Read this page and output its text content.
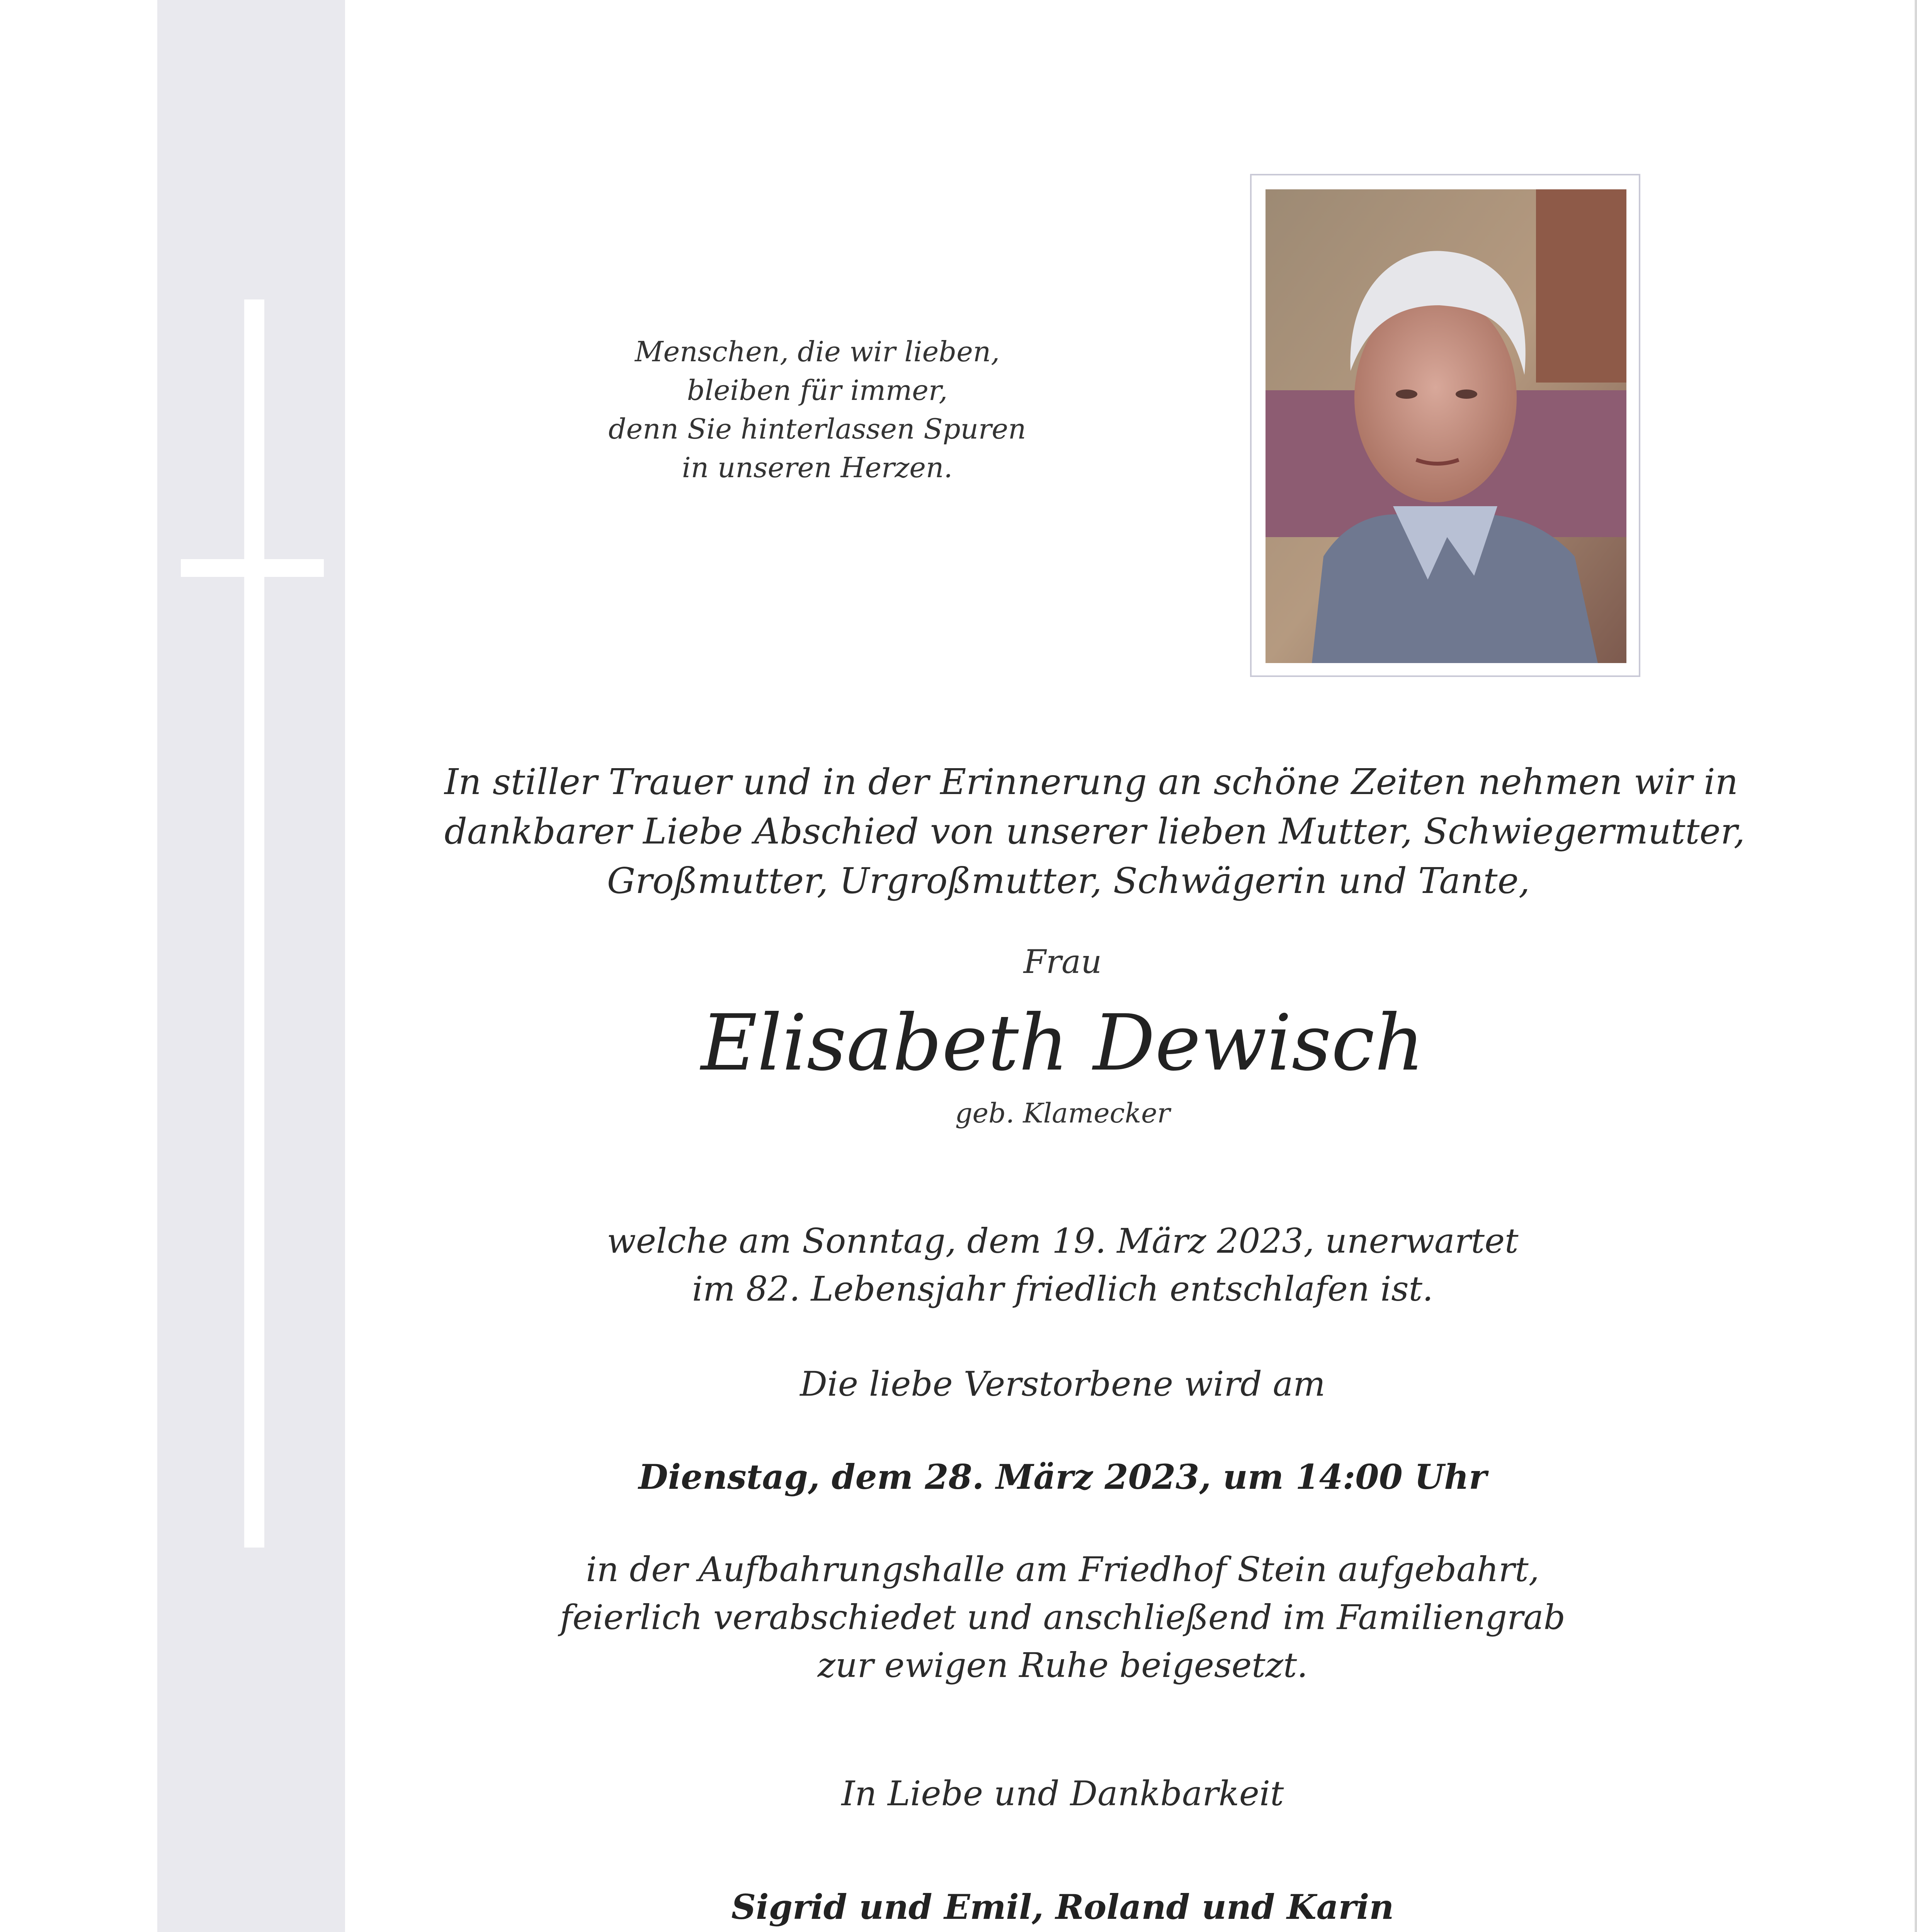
Menschen, die wir lieben,
bleiben für immer,
denn Sie hinterlassen Spuren
in unseren Herzen.
In stiller Trauer und in der Erinnerung an schöne Zeiten nehmen wir in
dankbarer Liebe Abschied von unserer lieben Mutter, Schwiegermutter,
Großmutter, Urgroßmutter, Schwägerin und Tante,
Frau
Elisabeth Dewisch
geb. Klamecker
welche am Sonntag, dem 19. März 2023, unerwartet
im 82. Lebensjahr friedlich entschlafen ist.
Die liebe Verstorbene wird am
Dienstag, dem 28. März 2023, um 14:00 Uhr
in der Aufbahrungshalle am Friedhof Stein aufgebahrt,
feierlich verabschiedet und anschließend im Familiengrab
zur ewigen Ruhe beigesetzt.
In Liebe und Dankbarkeit
Sigrid und Emil, Roland und Karin
